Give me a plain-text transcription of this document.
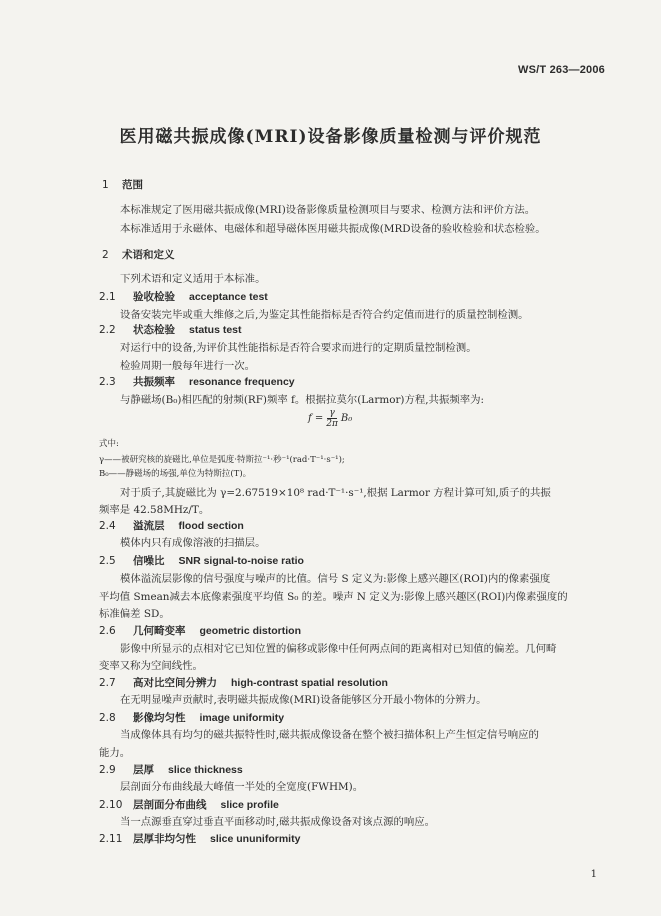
WS/T 263—2006
医用磁共振成像(MRI)设备影像质量检测与评价规范
1 范围
本标准规定了医用磁共振成像(MRI)设备影像质量检测项目与要求、检测方法和评价方法。
本标准适用于永磁体、电磁体和超导磁体医用磁共振成像(MRD设备的验收检验和状态检验。
2 术语和定义
下列术语和定义适用于本标准。
2.1 验收检验 acceptance test
设备安装完毕或重大维修之后,为鉴定其性能指标是否符合约定值而进行的质量控制检测。
2.2 状态检验 status test
对运行中的设备,为评价其性能指标是否符合要求而进行的定期质量控制检测。
检验周期一般每年进行一次。
2.3 共振频率 resonance frequency
与静磁场(B₀)相匹配的射频(RF)频率 f。根据拉莫尔(Larmor)方程,共振频率为:
$f = \frac{\gamma}{2\pi} B_0$
式中:
γ——被研究核的旋磁比,单位是弧度·特斯拉⁻¹·秒⁻¹(rad·T⁻¹·s⁻¹);
B₀——静磁场的场强,单位为特斯拉(T)。
对于质子,其旋磁比为 γ=2.67519×10⁸ rad·T⁻¹·s⁻¹,根据 Larmor 方程计算可知,质子的共振
频率是 42.58MHz/T。
2.4 溢流层 flood section
模体内只有成像溶液的扫描层。
2.5 信噪比 SNR signal-to-noise ratio
模体溢流层影像的信号强度与噪声的比值。信号 S 定义为:影像上感兴趣区(ROI)内的像素强度
平均值 Smean减去本底像素强度平均值 S₀ 的差。噪声 N 定义为:影像上感兴趣区(ROI)内像素强度的
标准偏差 SD。
2.6 几何畸变率 geometric distortion
影像中所显示的点相对它已知位置的偏移或影像中任何两点间的距离相对已知值的偏差。几何畸
变率又称为空间线性。
2.7 高对比空间分辨力 high-contrast spatial resolution
在无明显噪声贡献时,表明磁共振成像(MRI)设备能够区分开最小物体的分辨力。
2.8 影像均匀性 image uniformity
当成像体具有均匀的磁共振特性时,磁共振成像设备在整个被扫描体积上产生恒定信号响应的
能力。
2.9 层厚 slice thickness
层剖面分布曲线最大峰值一半处的全宽度(FWHM)。
2.10 层剖面分布曲线 slice profile
当一点源垂直穿过垂直平面移动时,磁共振成像设备对该点源的响应。
2.11 层厚非均匀性 slice ununiformity
1
